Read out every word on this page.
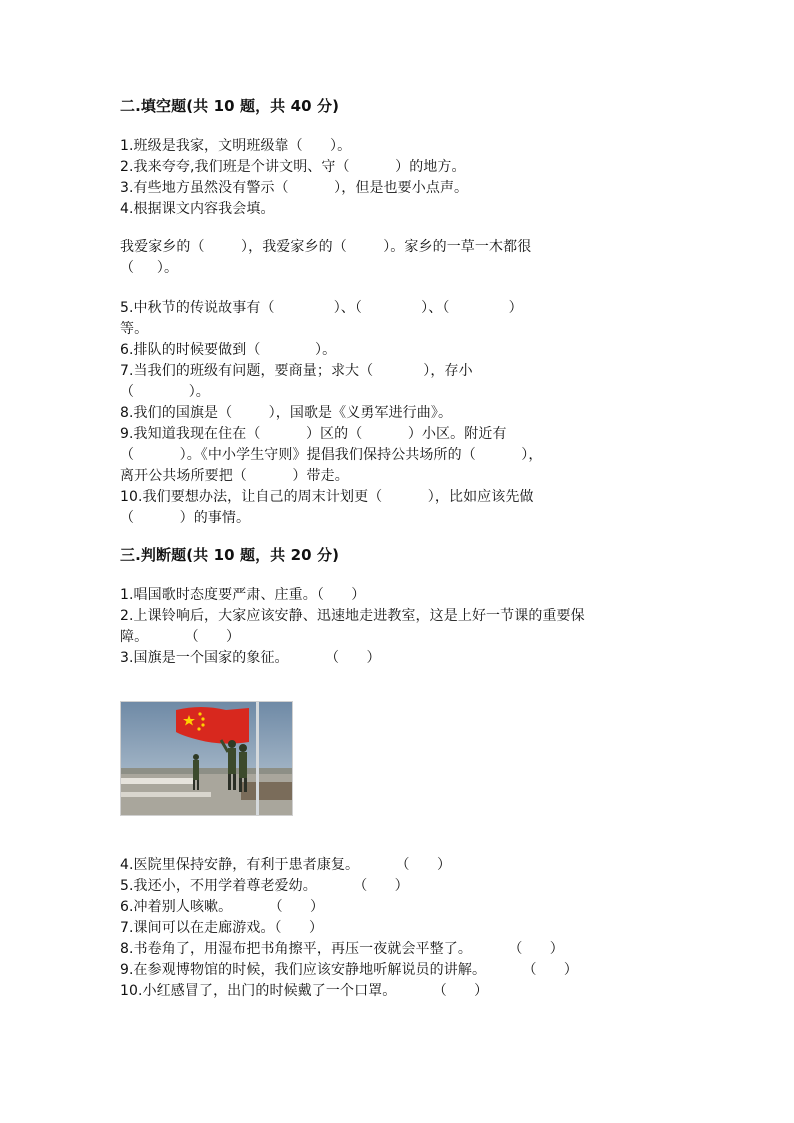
二.填空题(共 10 题，共 40 分)
1.班级是我家，文明班级靠（      ）。
2.我来夸夸,我们班是个讲文明、守（          ）的地方。
3.有些地方虽然没有警示（          ），但是也要小点声。
4.根据课文内容我会填。
我爱家乡的（        ），我爱家乡的（        ）。家乡的一草一木都很
（     ）。
5.中秋节的传说故事有（             ）、（             ）、（             ）
等。
6.排队的时候要做到（            ）。
7.当我们的班级有问题，要商量；求大（           ），存小
（            ）。
8.我们的国旗是（        ），国歌是《义勇军进行曲》。
9.我知道我现在住在（          ）区的（          ）小区。附近有
（          ）。《中小学生守则》提倡我们保持公共场所的（          ），
离开公共场所要把（          ）带走。
10.我们要想办法，让自己的周末计划更（          ），比如应该先做
（          ）的事情。
三.判断题(共 10 题，共 20 分)
1.唱国歌时态度要严肃、庄重。（      ）
2.上课铃响后，大家应该安静、迅速地走进教室，这是上好一节课的重要保
障。        （      ）
3.国旗是一个国家的象征。        （      ）
4.医院里保持安静，有利于患者康复。        （      ）
5.我还小，不用学着尊老爱幼。        （      ）
6.冲着别人咳嗽。        （      ）
7.课间可以在走廊游戏。（      ）
8.书卷角了，用湿布把书角擦平，再压一夜就会平整了。        （      ）
9.在参观博物馆的时候，我们应该安静地听解说员的讲解。        （      ）
10.小红感冒了，出门的时候戴了一个口罩。        （      ）
